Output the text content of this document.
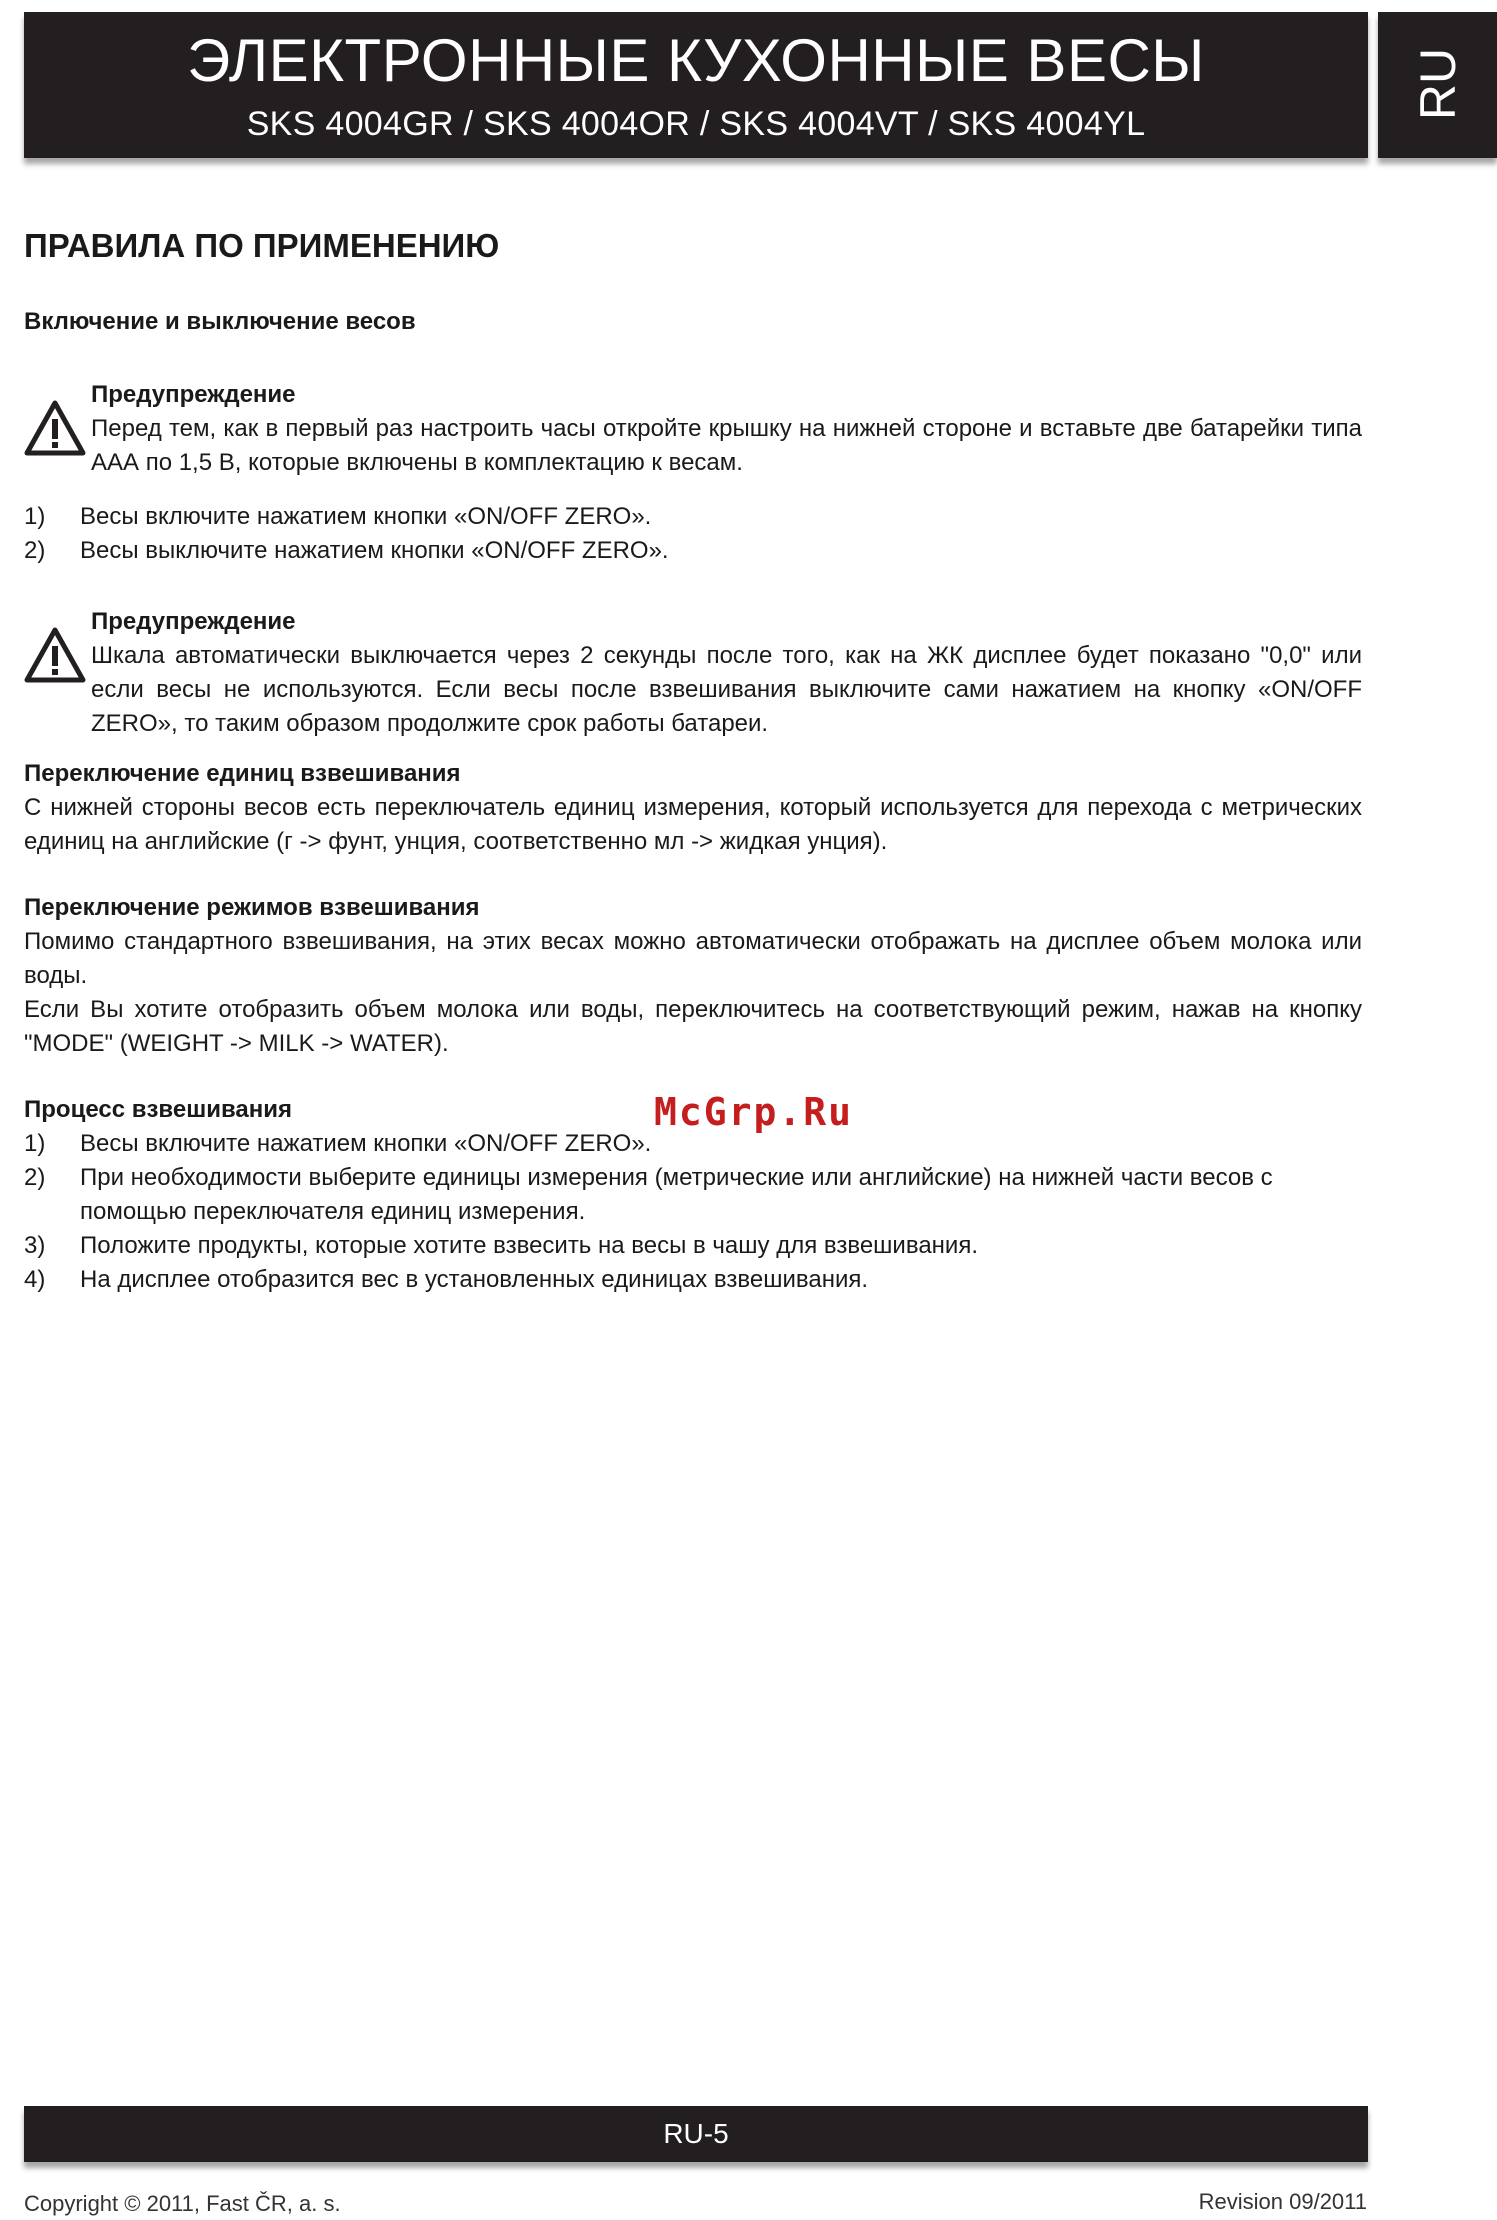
ЭЛЕКТРОННЫЕ КУХОННЫЕ ВЕСЫ
SKS 4004GR / SKS 4004OR / SKS 4004VT / SKS 4004YL
RU
ПРАВИЛА ПО ПРИМЕНЕНИЮ
Включение и выключение весов
Предупреждение
Перед тем, как в первый раз настроить часы откройте крышку на нижней стороне и вставьте две батарейки типа ААА по 1,5 В, которые включены в комплектацию к весам.
1) Весы включите нажатием кнопки «ON/OFF ZERO».
2) Весы выключите нажатием кнопки «ON/OFF ZERO».
Предупреждение
Шкала автоматически выключается через 2 секунды после того, как на ЖК дисплее будет показано "0,0" или если весы не используются. Если весы после взвешивания выключите сами нажатием на кнопку «ON/OFF ZERO», то таким образом продолжите срок работы батареи.
Переключение единиц взвешивания
С нижней стороны весов есть переключатель единиц измерения, который используется для перехода с метрических единиц на английские (г -> фунт, унция, соответственно мл -> жидкая унция).
Переключение режимов взвешивания
Помимо стандартного взвешивания, на этих весах можно автоматически отображать на дисплее объем молока или воды.
Если Вы хотите отобразить объем молока или воды, переключитесь на соответствующий режим, нажав на кнопку "MODE" (WEIGHT -> MILK -> WATER).
Процесс взвешивания
1) Весы включите нажатием кнопки «ON/OFF ZERO».
2) При необходимости выберите единицы измерения (метрические или английские) на нижней части весов с помощью переключателя единиц измерения.
3) Положите продукты, которые хотите взвесить на весы в чашу для взвешивания.
4) На дисплее отобразится вес в установленных единицах взвешивания.
McGrp.Ru
RU-5
Copyright © 2011, Fast ČR, a. s.	Revision 09/2011
